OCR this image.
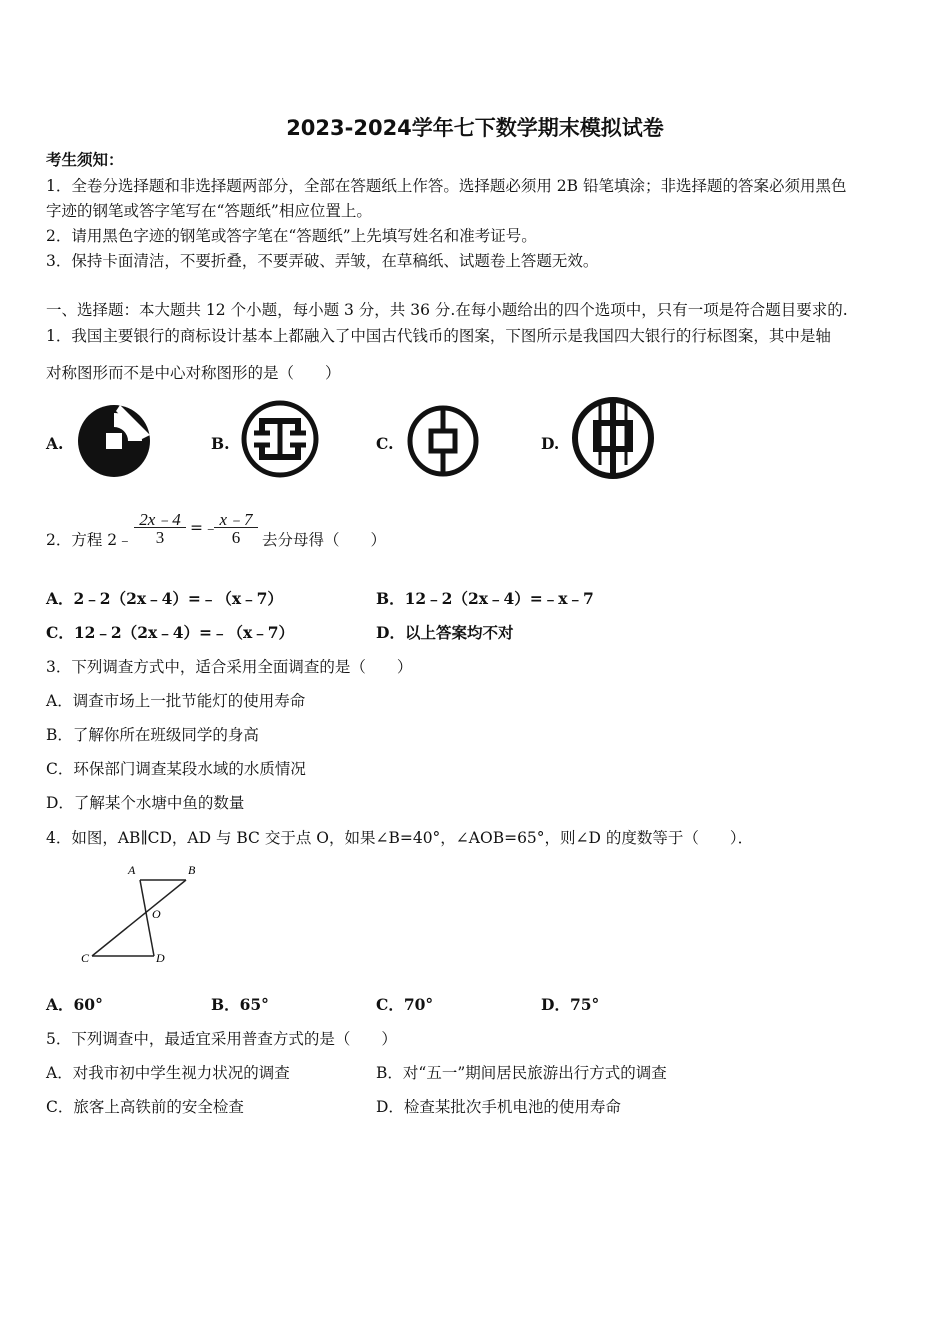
2023-2024学年七下数学期末模拟试卷
考生须知：
1．全卷分选择题和非选择题两部分，全部在答题纸上作答。选择题必须用 2B 铅笔填涂；非选择题的答案必须用黑色
字迹的钢笔或答字笔写在“答题纸”相应位置上。
2．请用黑色字迹的钢笔或答字笔在“答题纸”上先填写姓名和准考证号。
3．保持卡面清洁，不要折叠，不要弄破、弄皱，在草稿纸、试题卷上答题无效。
一、选择题：本大题共 12 个小题，每小题 3 分，共 36 分.在每小题给出的四个选项中，只有一项是符合题目要求的.
1．我国主要银行的商标设计基本上都融入了中国古代钱币的图案，下图所示是我国四大银行的行标图案，其中是轴
对称图形而不是中心对称图形的是（　　）
A.	B.	C.	D.
2．方程 2﹣
2x﹣4
3	=﹣ x﹣7
6	去分母得（　　）
A．2﹣2（2x﹣4）=﹣（x﹣7）	B．12﹣2（2x﹣4）=﹣x﹣7
C．12﹣2（2x﹣4）=﹣（x﹣7）	D．以上答案均不对
3．下列调查方式中，适合采用全面调查的是（　　）
A．调查市场上一批节能灯的使用寿命
B．了解你所在班级同学的身高
C．环保部门调查某段水域的水质情况
D．了解某个水塘中鱼的数量
4．如图，AB∥CD，AD 与 BC 交于点 O，如果∠B=40°，∠AOB=65°，则∠D 的度数等于（　　）．
A	B
O
C	D
A．60°	B．65°	C．70°	D．75°
5．下列调查中，最适宜采用普查方式的是（　　）
A．对我市初中学生视力状况的调查	B．对“五一”期间居民旅游出行方式的调查
C．旅客上高铁前的安全检查	D．检查某批次手机电池的使用寿命
